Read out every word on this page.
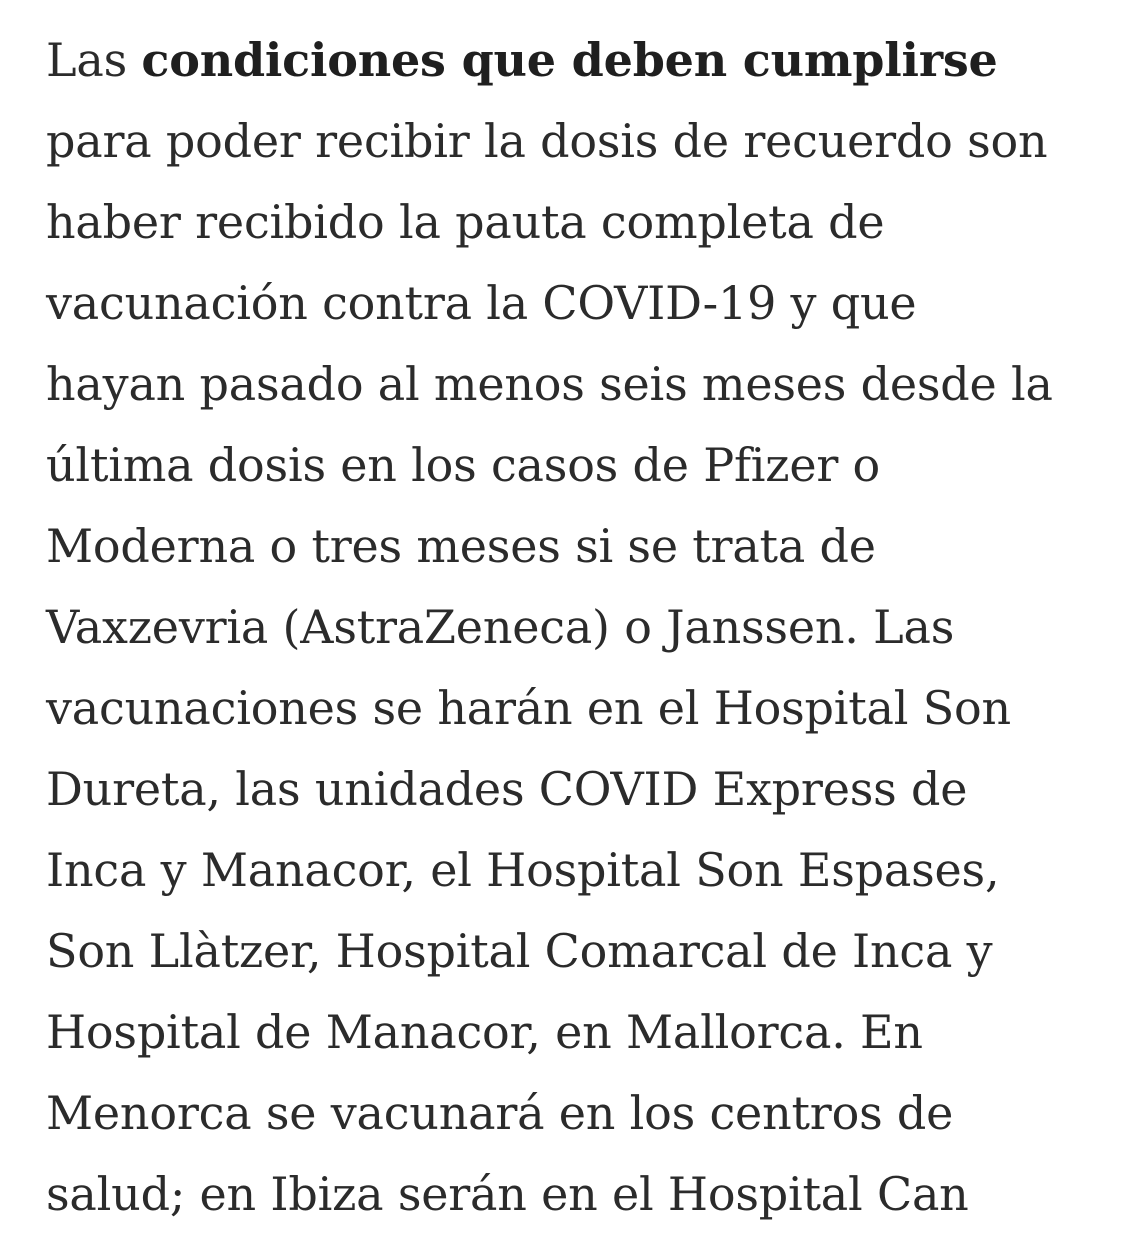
Las condiciones que deben cumplirse
para poder recibir la dosis de recuerdo son
haber recibido la pauta completa de
vacunación contra la COVID-19 y que
hayan pasado al menos seis meses desde la
última dosis en los casos de Pfizer o
Moderna o tres meses si se trata de
Vaxzevria (AstraZeneca) o Janssen. Las
vacunaciones se harán en el Hospital Son
Dureta, las unidades COVID Express de
Inca y Manacor, el Hospital Son Espases,
Son Llàtzer, Hospital Comarcal de Inca y
Hospital de Manacor, en Mallorca. En
Menorca se vacunará en los centros de
salud; en Ibiza serán en el Hospital Can
